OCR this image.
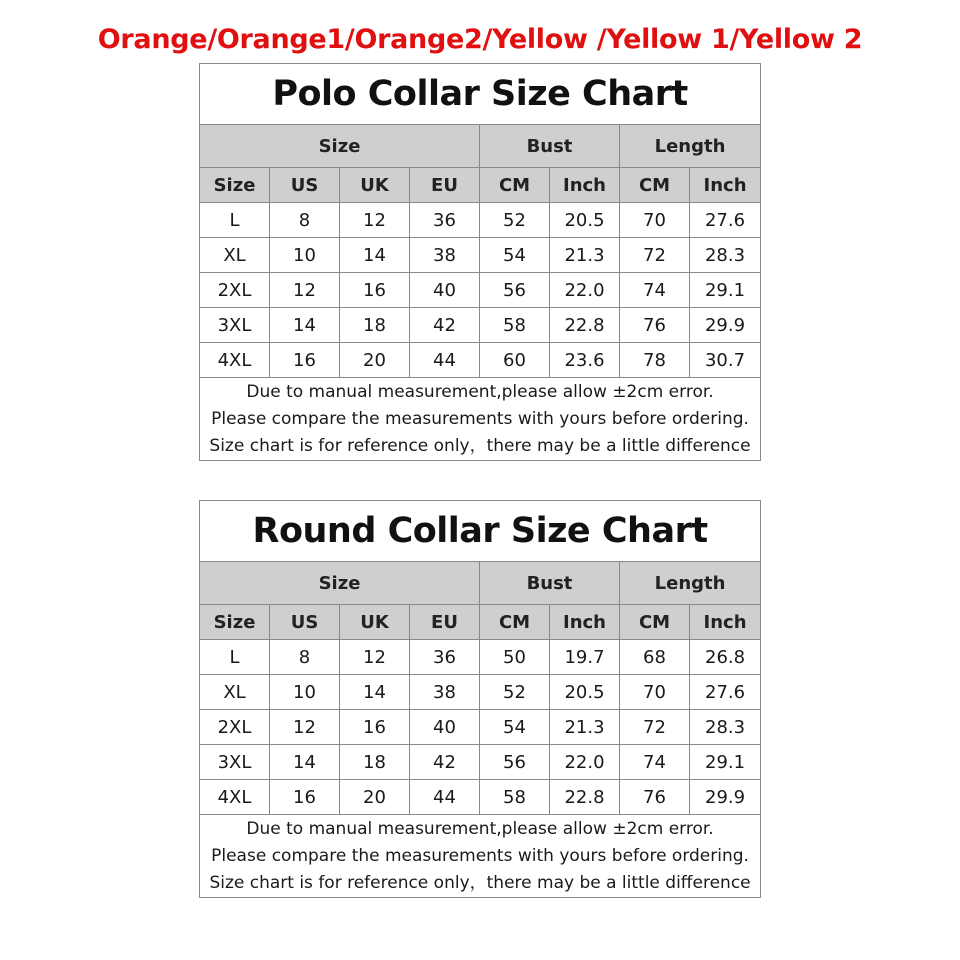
Orange/Orange1/Orange2/Yellow /Yellow 1/Yellow 2
Polo Collar Size Chart							
Size				Bust		Length	
Size	US	UK	EU	CM	Inch	CM	Inch
L	8	12	36	52	20.5	70	27.6
XL	10	14	38	54	21.3	72	28.3
2XL	12	16	40	56	22.0	74	29.1
3XL	14	18	42	58	22.8	76	29.9
4XL	16	20	44	60	23.6	78	30.7

Due to manual measurement,please allow ±2cm error.
Please compare the measurements with yours before ordering.
Size chart is for reference only，there may be a little difference							
Round Collar Size Chart							
Size				Bust		Length	
Size	US	UK	EU	CM	Inch	CM	Inch
L	8	12	36	50	19.7	68	26.8
XL	10	14	38	52	20.5	70	27.6
2XL	12	16	40	54	21.3	72	28.3
3XL	14	18	42	56	22.0	74	29.1
4XL	16	20	44	58	22.8	76	29.9

Due to manual measurement,please allow ±2cm error.
Please compare the measurements with yours before ordering.
Size chart is for reference only，there may be a little difference							
